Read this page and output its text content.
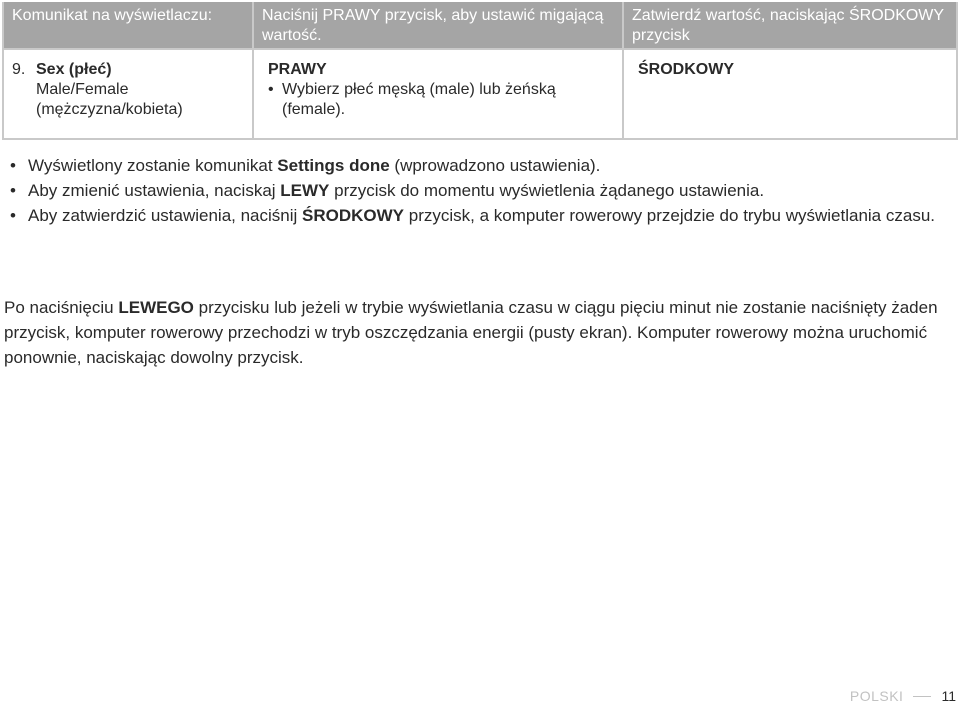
Komunikat na wyświetlaczu:	Naciśnij PRAWY przycisk, aby ustawić migającą wartość.
Zatwierdź wartość, naciskając ŚRODKOWY przycisk
9. Sex (płeć)
Male/Female
(mężczyzna/kobieta)
PRAWY
• Wybierz płeć męską (male) lub żeńską (female).
ŚRODKOWY
• Wyświetlony zostanie komunikat Settings done (wprowadzono ustawienia).
• Aby zmienić ustawienia, naciskaj LEWY przycisk do momentu wyświetlenia żądanego ustawienia.
• Aby zatwierdzić ustawienia, naciśnij ŚRODKOWY przycisk, a komputer rowerowy przejdzie do trybu wyświetlania czasu.

Po naciśnięciu LEWEGO przycisku lub jeżeli w trybie wyświetlania czasu w ciągu pięciu minut nie zostanie naciśnięty żaden przycisk, komputer rowerowy przechodzi w tryb oszczędzania energii (pusty ekran). Komputer rowerowy można uruchomić ponownie, naciskając dowolny przycisk.

POLSKI	11
